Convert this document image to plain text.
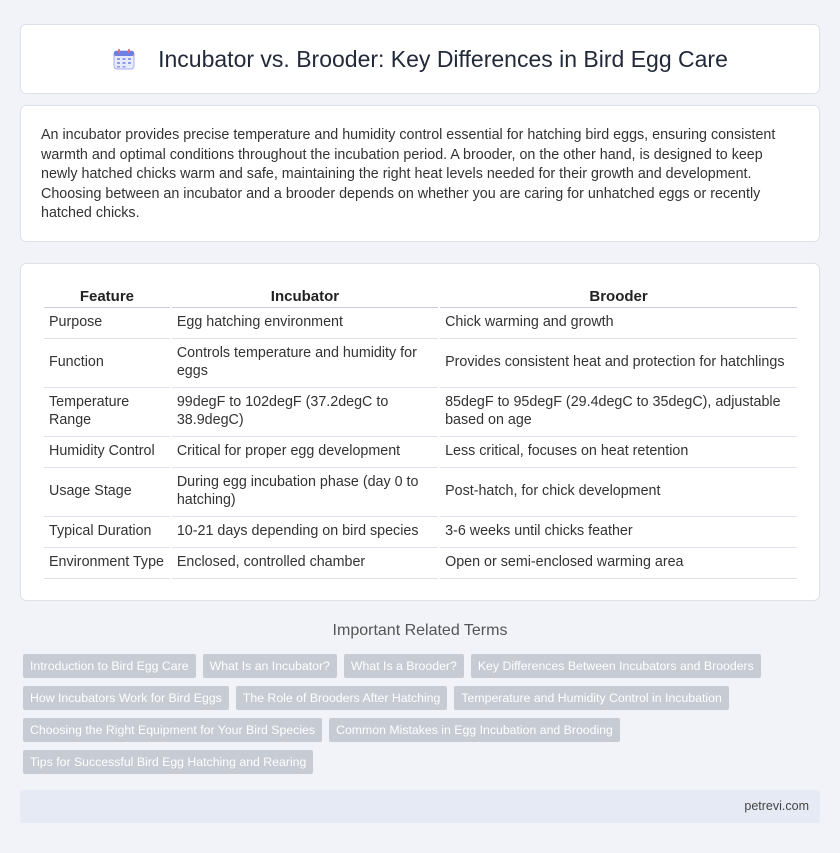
Incubator vs. Brooder: Key Differences in Bird Egg Care

An incubator provides precise temperature and humidity control essential for hatching bird eggs, ensuring consistent warmth and optimal conditions throughout the incubation period. A brooder, on the other hand, is designed to keep newly hatched chicks warm and safe, maintaining the right heat levels needed for their growth and development. Choosing between an incubator and a brooder depends on whether you are caring for unhatched eggs or recently hatched chicks.

Feature	Incubator	Brooder
Purpose	Egg hatching environment	Chick warming and growth
Function	Controls temperature and humidity for eggs	Provides consistent heat and protection for hatchlings
Temperature Range	99degF to 102degF (37.2degC to 38.9degC)	85degF to 95degF (29.4degC to 35degC), adjustable based on age
Humidity Control	Critical for proper egg development	Less critical, focuses on heat retention
Usage Stage	During egg incubation phase (day 0 to hatching)	Post-hatch, for chick development
Typical Duration	10-21 days depending on bird species	3-6 weeks until chicks feather
Environment Type	Enclosed, controlled chamber	Open or semi-enclosed warming area
Important Related Terms
Introduction to Bird Egg Care	What Is an Incubator?	What Is a Brooder?	Key Differences Between Incubators and Brooders
How Incubators Work for Bird Eggs	The Role of Brooders After Hatching	Temperature and Humidity Control in Incubation
Choosing the Right Equipment for Your Bird Species	Common Mistakes in Egg Incubation and Brooding
Tips for Successful Bird Egg Hatching and Rearing
petrevi.com
